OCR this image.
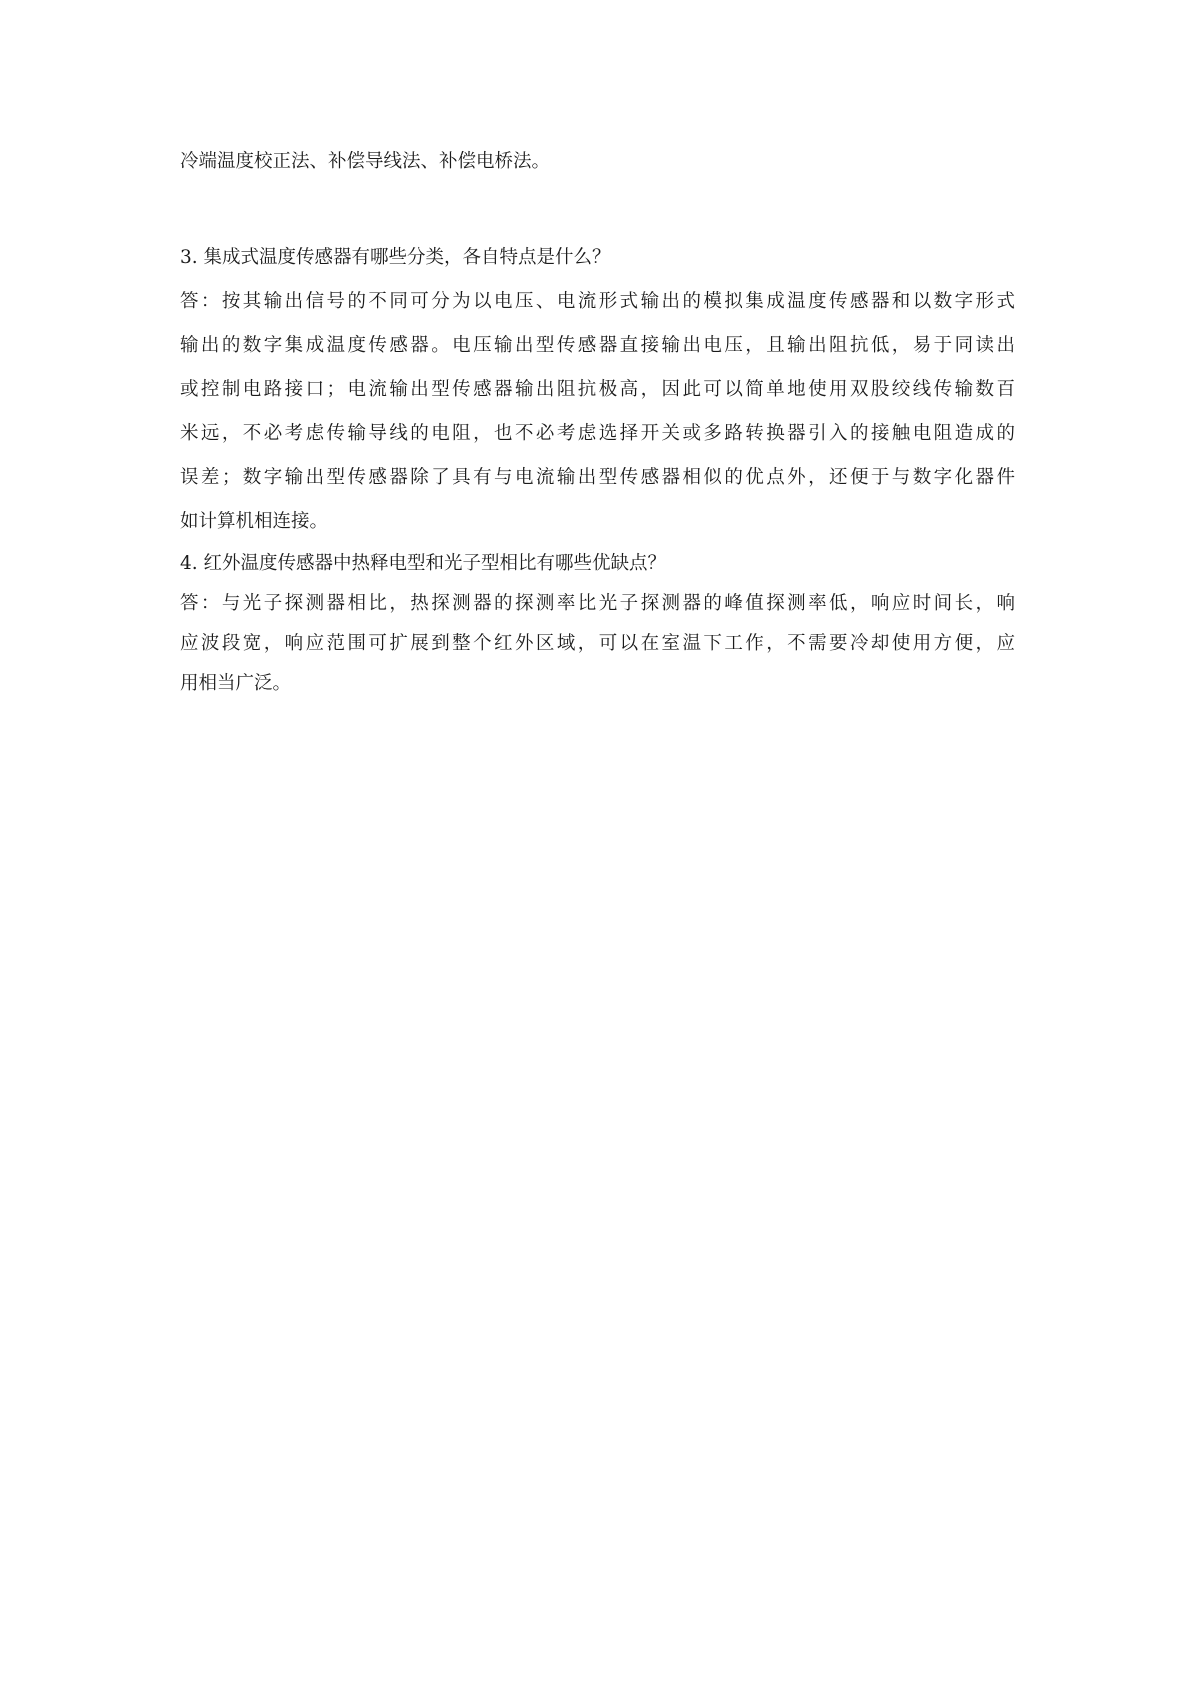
冷端温度校正法、补偿导线法、补偿电桥法。

3. 集成式温度传感器有哪些分类，各自特点是什么？

答：按其输出信号的不同可分为以电压、电流形式输出的模拟集成温度传感器和以数字形式
输出的数字集成温度传感器。电压输出型传感器直接输出电压，且输出阻抗低，易于同读出
或控制电路接口；电流输出型传感器输出阻抗极高，因此可以简单地使用双股绞线传输数百
米远，不必考虑传输导线的电阻，也不必考虑选择开关或多路转换器引入的接触电阻造成的
误差；数字输出型传感器除了具有与电流输出型传感器相似的优点外，还便于与数字化器件
如计算机相连接。

4. 红外温度传感器中热释电型和光子型相比有哪些优缺点？

答：与光子探测器相比，热探测器的探测率比光子探测器的峰值探测率低，响应时间长，响
应波段宽，响应范围可扩展到整个红外区域，可以在室温下工作，不需要冷却使用方便，应
用相当广泛。
